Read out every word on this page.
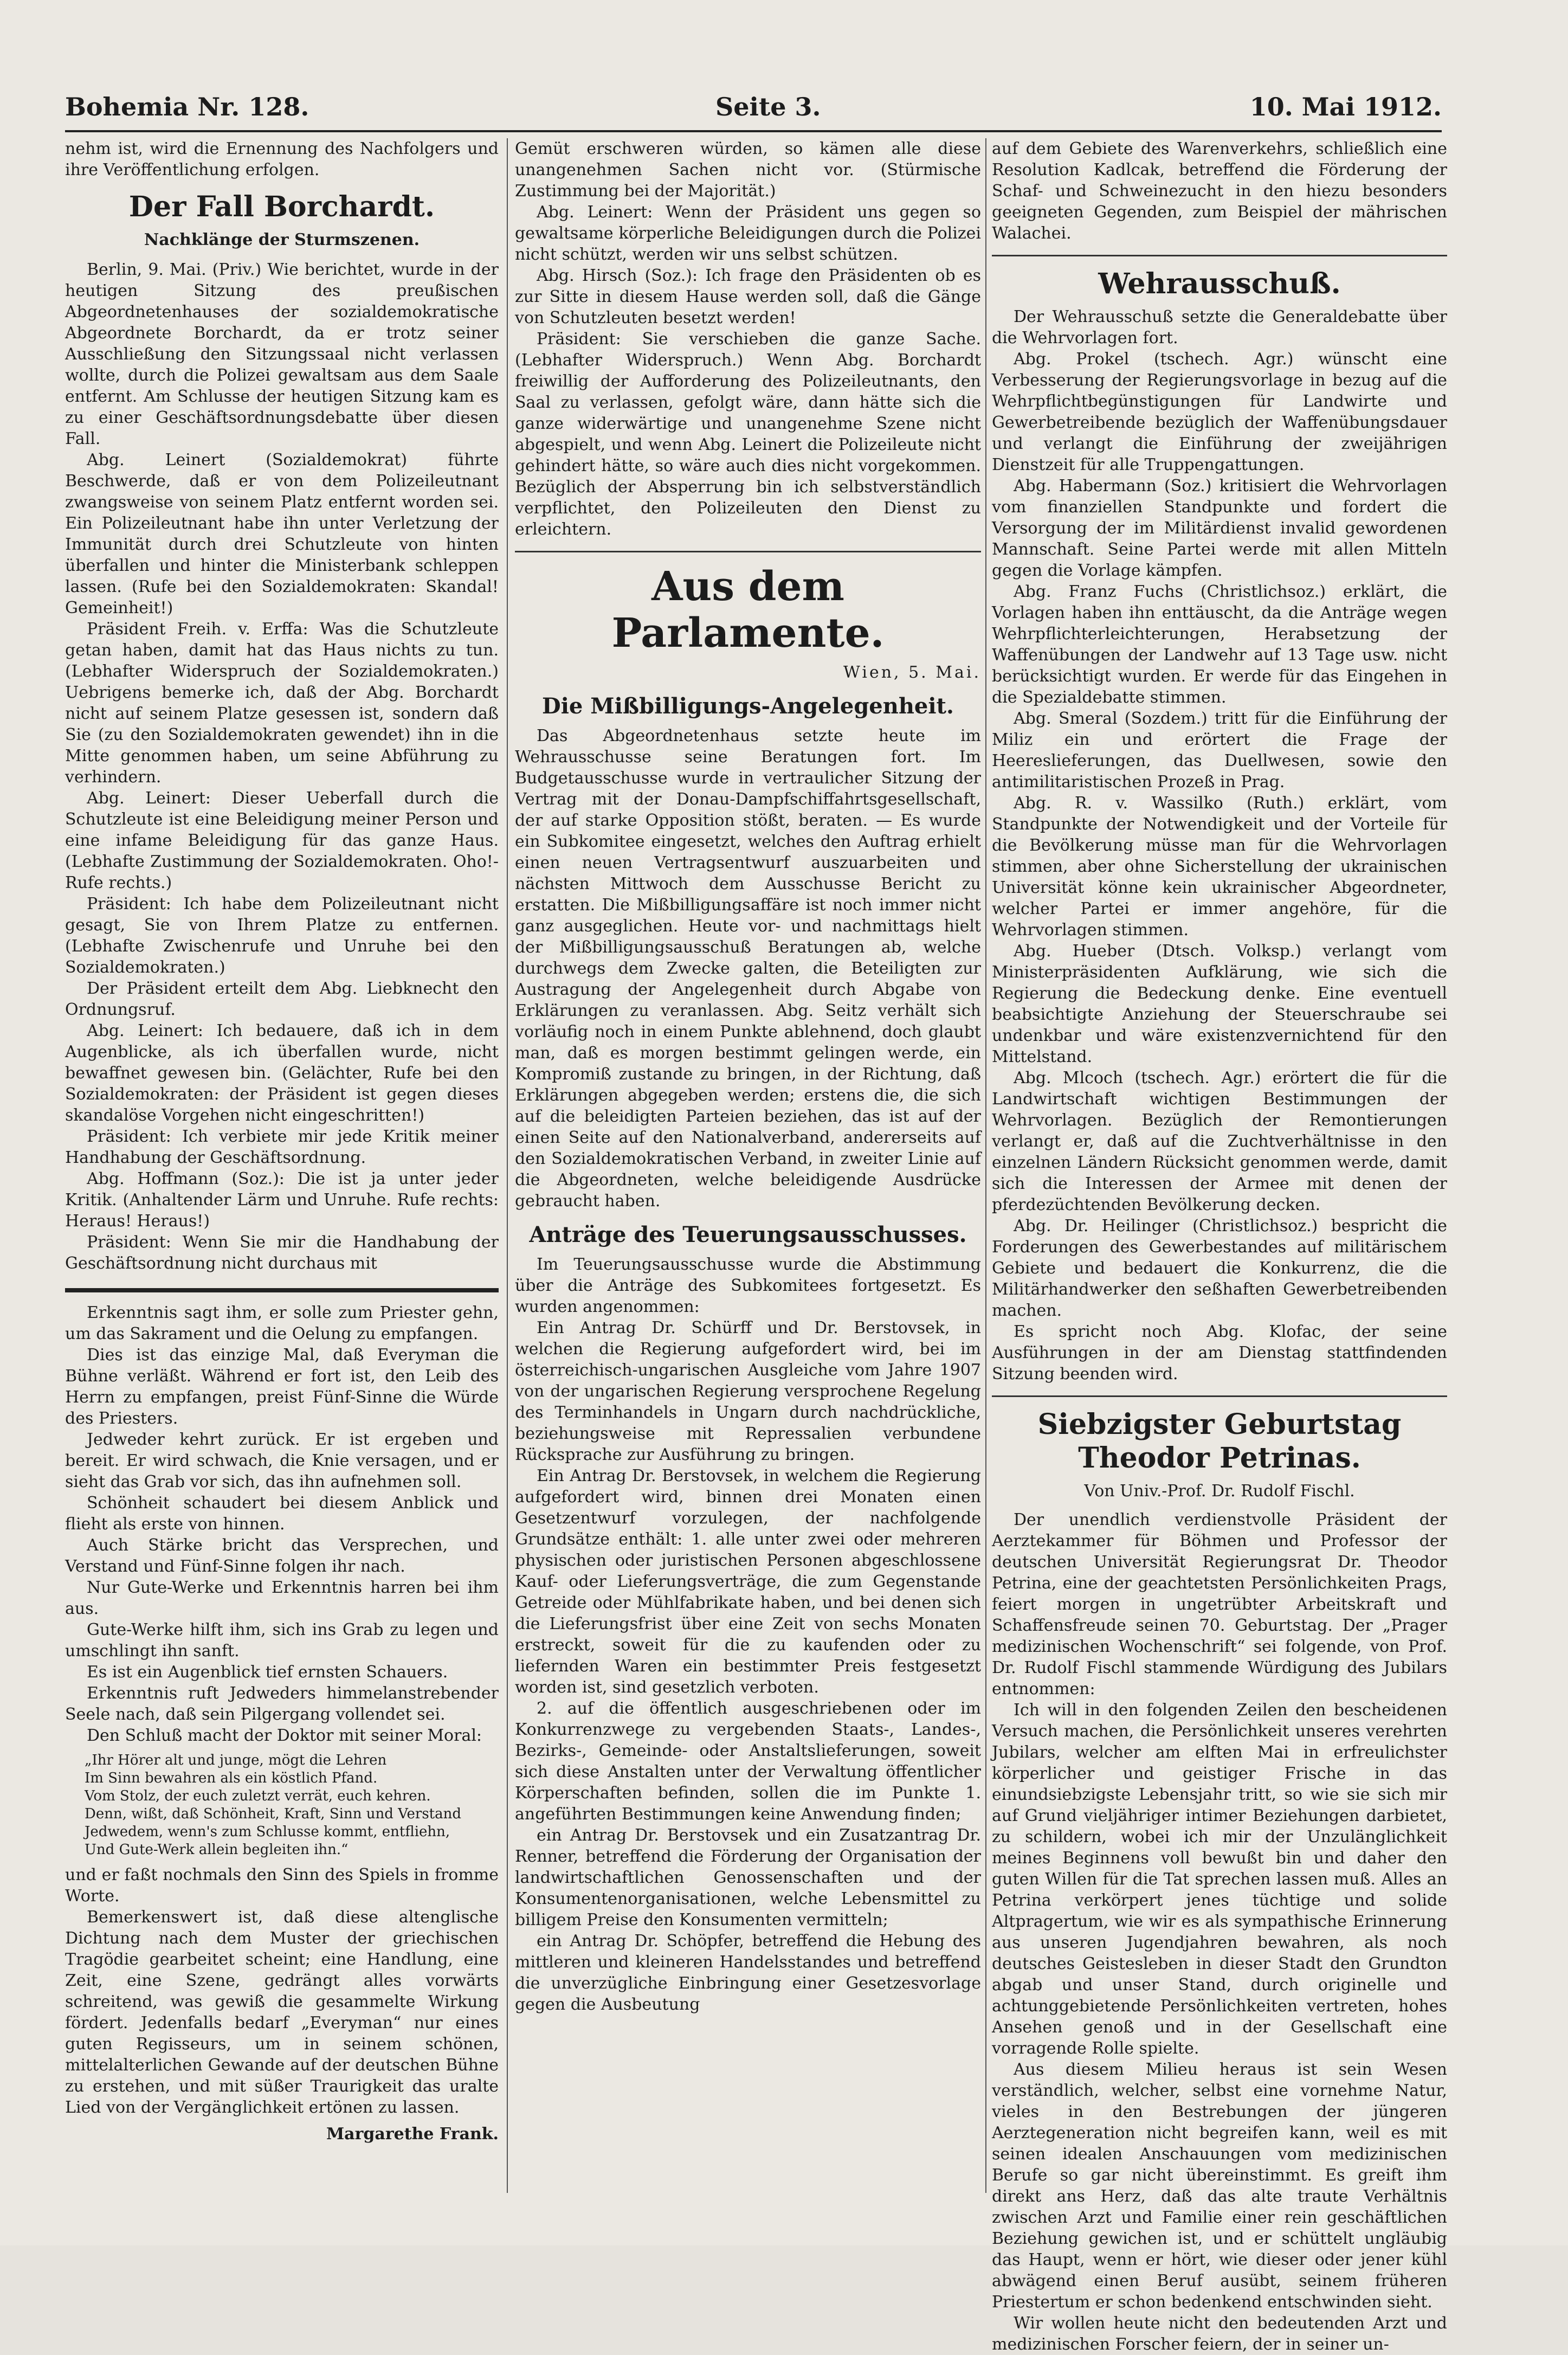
Bohemia Nr. 128.	Seite 3.	10. Mai 1912.

nehm ist, wird die Ernennung des Nachfolgers und ihre Veröffentlichung erfolgen.

Der Fall Borchardt.
Nachklänge der Sturmszenen.

Berlin, 9. Mai. (Priv.) Wie berichtet, wurde in der heutigen Sitzung des preußischen Abgeordnetenhauses der sozialdemokratische Abgeordnete Borchardt, da er trotz seiner Ausschließung den Sitzungssaal nicht verlassen wollte, durch die Polizei gewaltsam aus dem Saale entfernt. Am Schlusse der heutigen Sitzung kam es zu einer Geschäftsordnungsdebatte über diesen Fall.

Abg. Leinert (Sozialdemokrat) führte Beschwerde, daß er von dem Polizeileutnant zwangsweise von seinem Platz entfernt worden sei. Ein Polizeileutnant habe ihn unter Verletzung der Immunität durch drei Schutzleute von hinten überfallen und hinter die Ministerbank schleppen lassen. (Rufe bei den Sozialdemokraten: Skandal! Gemeinheit!)

Präsident Freih. v. Erffa: Was die Schutzleute getan haben, damit hat das Haus nichts zu tun. (Lebhafter Widerspruch der Sozialdemokraten.) Uebrigens bemerke ich, daß der Abg. Borchardt nicht auf seinem Platze gesessen ist, sondern daß Sie (zu den Sozialdemokraten gewendet) ihn in die Mitte genommen haben, um seine Abführung zu verhindern.

Abg. Leinert: Dieser Ueberfall durch die Schutzleute ist eine Beleidigung meiner Person und eine infame Beleidigung für das ganze Haus. (Lebhafte Zustimmung der Sozialdemokraten. Oho!-Rufe rechts.)

Präsident: Ich habe dem Polizeileutnant nicht gesagt, Sie von Ihrem Platze zu entfernen. (Lebhafte Zwischenrufe und Unruhe bei den Sozialdemokraten.)

Der Präsident erteilt dem Abg. Liebknecht den Ordnungsruf.

Abg. Leinert: Ich bedauere, daß ich in dem Augenblicke, als ich überfallen wurde, nicht bewaffnet gewesen bin. (Gelächter, Rufe bei den Sozialdemokraten: der Präsident ist gegen dieses skandalöse Vorgehen nicht eingeschritten!)

Präsident: Ich verbiete mir jede Kritik meiner Handhabung der Geschäftsordnung.

Abg. Hoffmann (Soz.): Die ist ja unter jeder Kritik. (Anhaltender Lärm und Unruhe. Rufe rechts: Heraus! Heraus!)

Präsident: Wenn Sie mir die Handhabung der Geschäftsordnung nicht durchaus mit

Erkenntnis sagt ihm, er solle zum Priester gehn, um das Sakrament und die Oelung zu empfangen.

Dies ist das einzige Mal, daß Everyman die Bühne verläßt. Während er fort ist, den Leib des Herrn zu empfangen, preist Fünf-Sinne die Würde des Priesters.

Jedweder kehrt zurück. Er ist ergeben und bereit. Er wird schwach, die Knie versagen, und er sieht das Grab vor sich, das ihn aufnehmen soll.

Schönheit schaudert bei diesem Anblick und flieht als erste von hinnen.

Auch Stärke bricht das Versprechen, und Verstand und Fünf-Sinne folgen ihr nach.

Nur Gute-Werke und Erkenntnis harren bei ihm aus.

Gute-Werke hilft ihm, sich ins Grab zu legen und umschlingt ihn sanft.

Es ist ein Augenblick tief ernsten Schauers.

Erkenntnis ruft Jedweders himmelanstrebender Seele nach, daß sein Pilgergang vollendet sei.

Den Schluß macht der Doktor mit seiner Moral:

„Ihr Hörer alt und junge, mögt die Lehren
Im Sinn bewahren als ein köstlich Pfand.
Vom Stolz, der euch zuletzt verrät, euch kehren.
Denn, wißt, daß Schönheit, Kraft, Sinn und Verstand
Jedwedem, wenn's zum Schlusse kommt, entfliehn,
Und Gute-Werk allein begleiten ihn.“

und er faßt nochmals den Sinn des Spiels in fromme Worte.

Bemerkenswert ist, daß diese altenglische Dichtung nach dem Muster der griechischen Tragödie gearbeitet scheint; eine Handlung, eine Zeit, eine Szene, gedrängt alles vorwärts schreitend, was gewiß die gesammelte Wirkung fördert. Jedenfalls bedarf „Everyman“ nur eines guten Regisseurs, um in seinem schönen, mittelalterlichen Gewande auf der deutschen Bühne zu erstehen, und mit süßer Traurigkeit das uralte Lied von der Vergänglichkeit ertönen zu lassen.

Margarethe Frank.

Gemüt erschweren würden, so kämen alle diese unangenehmen Sachen nicht vor. (Stürmische Zustimmung bei der Majorität.)

Abg. Leinert: Wenn der Präsident uns gegen so gewaltsame körperliche Beleidigungen durch die Polizei nicht schützt, werden wir uns selbst schützen.

Abg. Hirsch (Soz.): Ich frage den Präsidenten ob es zur Sitte in diesem Hause werden soll, daß die Gänge von Schutzleuten besetzt werden!

Präsident: Sie verschieben die ganze Sache. (Lebhafter Widerspruch.) Wenn Abg. Borchardt freiwillig der Aufforderung des Polizeileutnants, den Saal zu verlassen, gefolgt wäre, dann hätte sich die ganze widerwärtige und unangenehme Szene nicht abgespielt, und wenn Abg. Leinert die Polizeileute nicht gehindert hätte, so wäre auch dies nicht vorgekommen. Bezüglich der Absperrung bin ich selbstverständlich verpflichtet, den Polizeileuten den Dienst zu erleichtern.

Aus dem Parlamente.
Wien, 5. Mai.
Die Mißbilligungs-Angelegenheit.

Das Abgeordnetenhaus setzte heute im Wehrausschusse seine Beratungen fort. Im Budgetausschusse wurde in vertraulicher Sitzung der Vertrag mit der Donau-Dampfschiffahrtsgesellschaft, der auf starke Opposition stößt, beraten. — Es wurde ein Subkomitee eingesetzt, welches den Auftrag erhielt einen neuen Vertragsentwurf auszuarbeiten und nächsten Mittwoch dem Ausschusse Bericht zu erstatten. Die Mißbilligungsaffäre ist noch immer nicht ganz ausgeglichen. Heute vor- und nachmittags hielt der Mißbilligungsausschuß Beratungen ab, welche durchwegs dem Zwecke galten, die Beteiligten zur Austragung der Angelegenheit durch Abgabe von Erklärungen zu veranlassen. Abg. Seitz verhält sich vorläufig noch in einem Punkte ablehnend, doch glaubt man, daß es morgen bestimmt gelingen werde, ein Kompromiß zustande zu bringen, in der Richtung, daß Erklärungen abgegeben werden; erstens die, die sich auf die beleidigten Parteien beziehen, das ist auf der einen Seite auf den Nationalverband, andererseits auf den Sozialdemokratischen Verband, in zweiter Linie auf die Abgeordneten, welche beleidigende Ausdrücke gebraucht haben.

Anträge des Teuerungsausschusses.

Im Teuerungsausschusse wurde die Abstimmung über die Anträge des Subkomitees fortgesetzt. Es wurden angenommen:

Ein Antrag Dr. Schürff und Dr. Berstovsek, in welchen die Regierung aufgefordert wird, bei im österreichisch-ungarischen Ausgleiche vom Jahre 1907 von der ungarischen Regierung versprochene Regelung des Terminhandels in Ungarn durch nachdrückliche, beziehungsweise mit Repressalien verbundene Rücksprache zur Ausführung zu bringen.

Ein Antrag Dr. Berstovsek, in welchem die Regierung aufgefordert wird, binnen drei Monaten einen Gesetzentwurf vorzulegen, der nachfolgende Grundsätze enthält: 1. alle unter zwei oder mehreren physischen oder juristischen Personen abgeschlossene Kauf- oder Lieferungsverträge, die zum Gegenstande Getreide oder Mühlfabrikate haben, und bei denen sich die Lieferungsfrist über eine Zeit von sechs Monaten erstreckt, soweit für die zu kaufenden oder zu liefernden Waren ein bestimmter Preis festgesetzt worden ist, sind gesetzlich verboten.

2. auf die öffentlich ausgeschriebenen oder im Konkurrenzwege zu vergebenden Staats-, Landes-, Bezirks-, Gemeinde- oder Anstaltslieferungen, soweit sich diese Anstalten unter der Verwaltung öffentlicher Körperschaften befinden, sollen die im Punkte 1. angeführten Bestimmungen keine Anwendung finden;

ein Antrag Dr. Berstovsek und ein Zusatzantrag Dr. Renner, betreffend die Förderung der Organisation der landwirtschaftlichen Genossenschaften und der Konsumentenorganisationen, welche Lebensmittel zu billigem Preise den Konsumenten vermitteln;

ein Antrag Dr. Schöpfer, betreffend die Hebung des mittleren und kleineren Handelsstandes und betreffend die unverzügliche Einbringung einer Gesetzesvorlage gegen die Ausbeutung

auf dem Gebiete des Warenverkehrs, schließlich eine Resolution Kadlcak, betreffend die Förderung der Schaf- und Schweinezucht in den hiezu besonders geeigneten Gegenden, zum Beispiel der mährischen Walachei.

Wehrausschuß.

Der Wehrausschuß setzte die Generaldebatte über die Wehrvorlagen fort.

Abg. Prokel (tschech. Agr.) wünscht eine Verbesserung der Regierungsvorlage in bezug auf die Wehrpflichtbegünstigungen für Landwirte und Gewerbetreibende bezüglich der Waffenübungsdauer und verlangt die Einführung der zweijährigen Dienstzeit für alle Truppengattungen.

Abg. Habermann (Soz.) kritisiert die Wehrvorlagen vom finanziellen Standpunkte und fordert die Versorgung der im Militärdienst invalid gewordenen Mannschaft. Seine Partei werde mit allen Mitteln gegen die Vorlage kämpfen.

Abg. Franz Fuchs (Christlichsoz.) erklärt, die Vorlagen haben ihn enttäuscht, da die Anträge wegen Wehrpflichterleichterungen, Herabsetzung der Waffenübungen der Landwehr auf 13 Tage usw. nicht berücksichtigt wurden. Er werde für das Eingehen in die Spezialdebatte stimmen.

Abg. Smeral (Sozdem.) tritt für die Einführung der Miliz ein und erörtert die Frage der Heereslieferungen, das Duellwesen, sowie den antimilitaristischen Prozeß in Prag.

Abg. R. v. Wassilko (Ruth.) erklärt, vom Standpunkte der Notwendigkeit und der Vorteile für die Bevölkerung müsse man für die Wehrvorlagen stimmen, aber ohne Sicherstellung der ukrainischen Universität könne kein ukrainischer Abgeordneter, welcher Partei er immer angehöre, für die Wehrvorlagen stimmen.

Abg. Hueber (Dtsch. Volksp.) verlangt vom Ministerpräsidenten Aufklärung, wie sich die Regierung die Bedeckung denke. Eine eventuell beabsichtigte Anziehung der Steuerschraube sei undenkbar und wäre existenzvernichtend für den Mittelstand.

Abg. Mlcoch (tschech. Agr.) erörtert die für die Landwirtschaft wichtigen Bestimmungen der Wehrvorlagen. Bezüglich der Remontierungen verlangt er, daß auf die Zuchtverhältnisse in den einzelnen Ländern Rücksicht genommen werde, damit sich die Interessen der Armee mit denen der pferdezüchtenden Bevölkerung decken.

Abg. Dr. Heilinger (Christlichsoz.) bespricht die Forderungen des Gewerbestandes auf militärischem Gebiete und bedauert die Konkurrenz, die die Militärhandwerker den seßhaften Gewerbetreibenden machen.

Es spricht noch Abg. Klofac, der seine Ausführungen in der am Dienstag stattfindenden Sitzung beenden wird.

Siebzigster Geburtstag
Theodor Petrinas.
Von Univ.-Prof. Dr. Rudolf Fischl.

Der unendlich verdienstvolle Präsident der Aerztekammer für Böhmen und Professor der deutschen Universität Regierungsrat Dr. Theodor Petrina, eine der geachtetsten Persönlichkeiten Prags, feiert morgen in ungetrübter Arbeitskraft und Schaffensfreude seinen 70. Geburtstag. Der „Prager medizinischen Wochenschrift“ sei folgende, von Prof. Dr. Rudolf Fischl stammende Würdigung des Jubilars entnommen:

Ich will in den folgenden Zeilen den bescheidenen Versuch machen, die Persönlichkeit unseres verehrten Jubilars, welcher am elften Mai in erfreulichster körperlicher und geistiger Frische in das einundsiebzigste Lebensjahr tritt, so wie sie sich mir auf Grund vieljähriger intimer Beziehungen darbietet, zu schildern, wobei ich mir der Unzulänglichkeit meines Beginnens voll bewußt bin und daher den guten Willen für die Tat sprechen lassen muß. Alles an Petrina verkörpert jenes tüchtige und solide Altpragertum, wie wir es als sympathische Erinnerung aus unseren Jugendjahren bewahren, als noch deutsches Geistesleben in dieser Stadt den Grundton abgab und unser Stand, durch originelle und achtunggebietende Persönlichkeiten vertreten, hohes Ansehen genoß und in der Gesellschaft eine vorragende Rolle spielte.

Aus diesem Milieu heraus ist sein Wesen verständlich, welcher, selbst eine vornehme Natur, vieles in den Bestrebungen der jüngeren Aerztegeneration nicht begreifen kann, weil es mit seinen idealen Anschauungen vom medizinischen Berufe so gar nicht übereinstimmt. Es greift ihm direkt ans Herz, daß das alte traute Verhältnis zwischen Arzt und Familie einer rein geschäftlichen Beziehung gewichen ist, und er schüttelt ungläubig das Haupt, wenn er hört, wie dieser oder jener kühl abwägend einen Beruf ausübt, seinem früheren Priestertum er schon bedenkend entschwinden sieht.

Wir wollen heute nicht den bedeutenden Arzt und medizinischen Forscher feiern, der in seiner un-
